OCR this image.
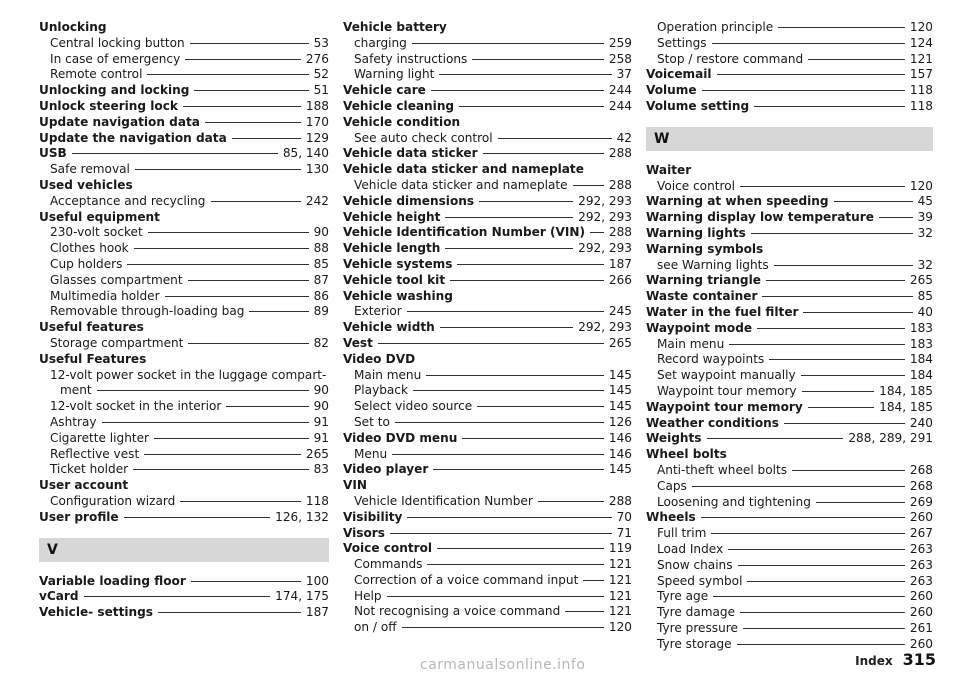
Unlocking
Central locking button	53
In case of emergency	276
Remote control	52
Unlocking and locking	51
Unlock steering lock	188
Update navigation data	170
Update the navigation data	129
USB	85, 140
Safe removal	130
Used vehicles
Acceptance and recycling	242
Useful equipment
230-volt socket	90
Clothes hook	88
Cup holders	85
Glasses compartment	87
Multimedia holder	86
Removable through-loading bag	89
Useful features
Storage compartment	82
Useful Features
12-volt power socket in the luggage compart-
ment	90
12-volt socket in the interior	90
Ashtray	91
Cigarette lighter	91
Reflective vest	265
Ticket holder	83
User account
Configuration wizard	118
User profile	126, 132
V
Variable loading floor	100
vCard	174, 175
Vehicle- settings	187
Vehicle battery
charging	259
Safety instructions	258
Warning light	37
Vehicle care	244
Vehicle cleaning	244
Vehicle condition
See auto check control	42
Vehicle data sticker	288
Vehicle data sticker and nameplate
Vehicle data sticker and nameplate	288
Vehicle dimensions	292, 293
Vehicle height	292, 293
Vehicle Identification Number (VIN) 288
Vehicle length	292, 293
Vehicle systems	187
Vehicle tool kit	266
Vehicle washing
Exterior	245
Vehicle width	292, 293
Vest	265
Video DVD
Main menu	145
Playback	145
Select video source	145
Set to	126
Video DVD menu	146
Menu	146
Video player	145
VIN
Vehicle Identification Number	288
Visibility	70
Visors	71
Voice control	119
Commands	121
Correction of a voice command input	121
Help	121
Not recognising a voice command	121
on / off	120
Operation principle	120
Settings	124
Stop / restore command	121
Voicemail	157
Volume	118
Volume setting	118
W
Waiter
Voice control	120
Warning at when speeding	45
Warning display low temperature	39
Warning lights	32
Warning symbols
see Warning lights	32
Warning triangle	265
Waste container	85
Water in the fuel filter	40
Waypoint mode	183
Main menu	183
Record waypoints	184
Set waypoint manually	184
Waypoint tour memory	184, 185
Waypoint tour memory	184, 185
Weather conditions	240
Weights	288, 289, 291
Wheel bolts
Anti-theft wheel bolts	268
Caps	268
Loosening and tightening	269
Wheels	260
Full trim	267
Load Index	263
Snow chains	263
Speed symbol	263
Tyre age	260
Tyre damage	260
Tyre pressure	261
Tyre storage	260
Index 315
carmanualsonline.info
